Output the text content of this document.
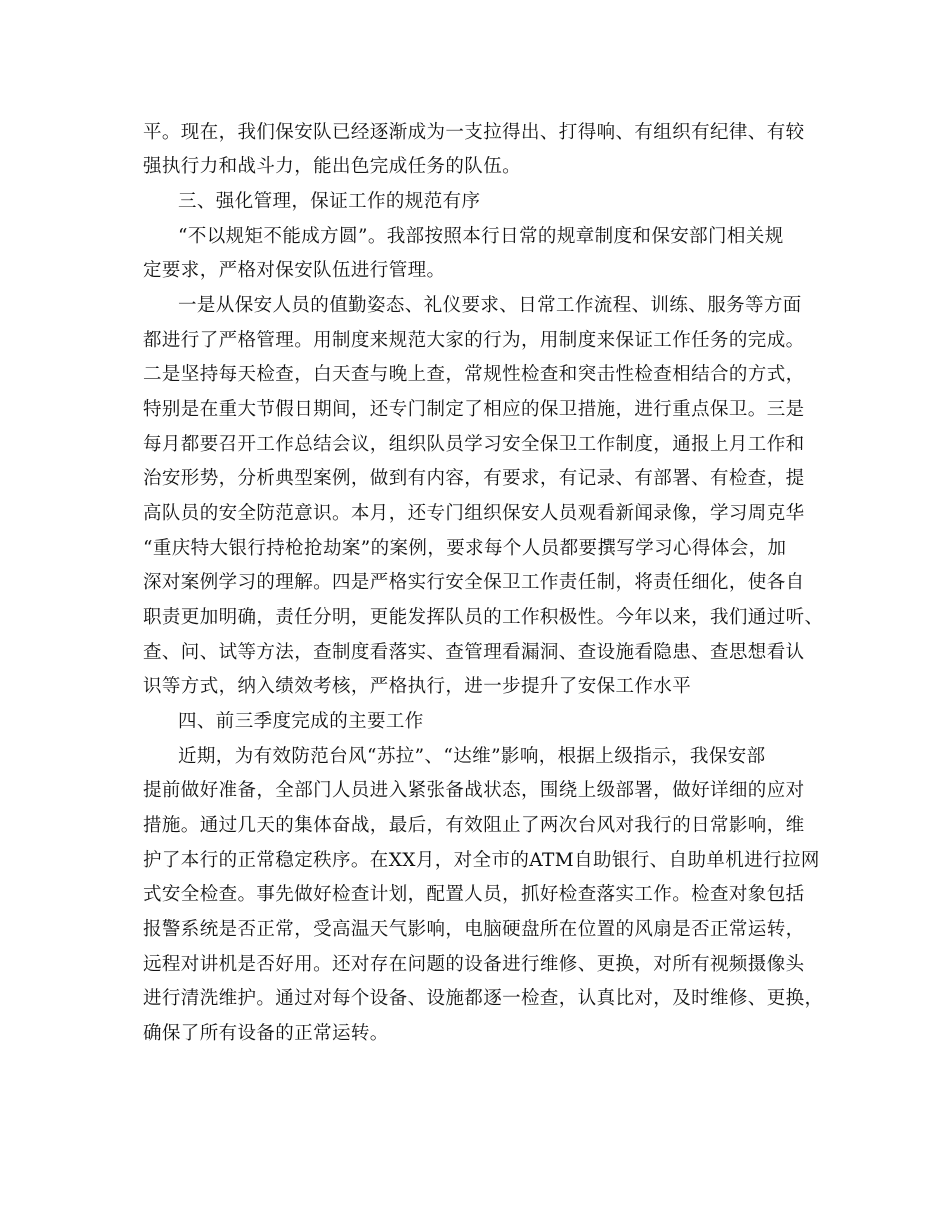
平。现在，我们保安队已经逐渐成为一支拉得出、打得响、有组织有纪律、有较
强执行力和战斗力，能出色完成任务的队伍。
三、强化管理，保证工作的规范有序
“不以规矩不能成方圆”。我部按照本行日常的规章制度和保安部门相关规
定要求，严格对保安队伍进行管理。
一是从保安人员的值勤姿态、礼仪要求、日常工作流程、训练、服务等方面
都进行了严格管理。用制度来规范大家的行为，用制度来保证工作任务的完成。
二是坚持每天检查，白天查与晚上查，常规性检查和突击性检查相结合的方式，
特别是在重大节假日期间，还专门制定了相应的保卫措施，进行重点保卫。三是
每月都要召开工作总结会议，组织队员学习安全保卫工作制度，通报上月工作和
治安形势，分析典型案例，做到有内容，有要求，有记录、有部署、有检查，提
高队员的安全防范意识。本月，还专门组织保安人员观看新闻录像，学习周克华
“重庆特大银行持枪抢劫案”的案例，要求每个人员都要撰写学习心得体会，加
深对案例学习的理解。四是严格实行安全保卫工作责任制，将责任细化，使各自
职责更加明确，责任分明，更能发挥队员的工作积极性。今年以来，我们通过听、
查、问、试等方法，查制度看落实、查管理看漏洞、查设施看隐患、查思想看认
识等方式，纳入绩效考核，严格执行，进一步提升了安保工作水平
四、前三季度完成的主要工作
近期，为有效防范台风“苏拉”、“达维”影响，根据上级指示，我保安部
提前做好准备，全部门人员进入紧张备战状态，围绕上级部署，做好详细的应对
措施。通过几天的集体奋战，最后，有效阻止了两次台风对我行的日常影响，维
护了本行的正常稳定秩序。在XX月，对全市的ATM自助银行、自助单机进行拉网
式安全检查。事先做好检查计划，配置人员，抓好检查落实工作。检查对象包括
报警系统是否正常，受高温天气影响，电脑硬盘所在位置的风扇是否正常运转，
远程对讲机是否好用。还对存在问题的设备进行维修、更换，对所有视频摄像头
进行清洗维护。通过对每个设备、设施都逐一检查，认真比对，及时维修、更换，
确保了所有设备的正常运转。
